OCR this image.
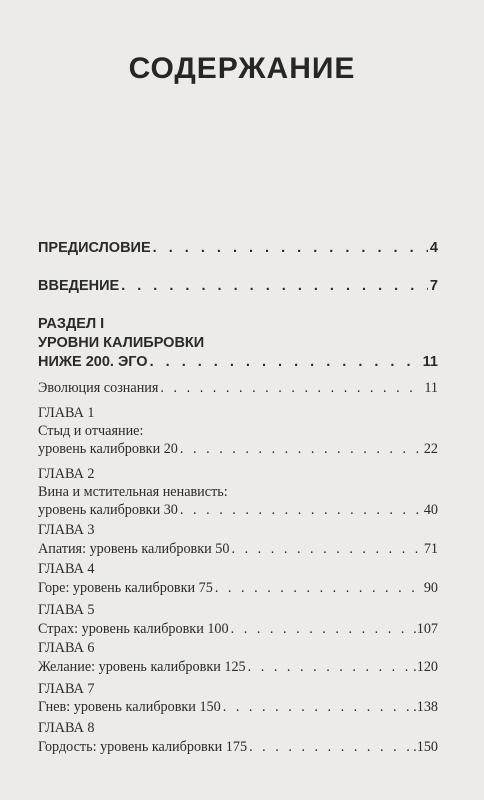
СОДЕРЖАНИЕ
ПРЕДИСЛОВИЕ . . .	4
ВВЕДЕНИЕ . . .	7
РАЗДЕЛ I
УРОВНИ КАЛИБРОВКИ
НИЖЕ 200. ЭГО . . .	11
Эволюция сознания . . .	11
ГЛАВА 1
Стыд и отчаяние:
уровень калибровки 20 . . .	22
ГЛАВА 2
Вина и мстительная ненависть:
уровень калибровки 30 . . .	40
ГЛАВА 3
Апатия: уровень калибровки 50 . . .	71
ГЛАВА 4
Горе: уровень калибровки 75 . . .	90
ГЛАВА 5
Страх: уровень калибровки 100 . . .	.107
ГЛАВА 6
Желание: уровень калибровки 125 . . .	.120
ГЛАВА 7
Гнев: уровень калибровки 150 . . .	.138
ГЛАВА 8
Гордость: уровень калибровки 175 . . .	.150
